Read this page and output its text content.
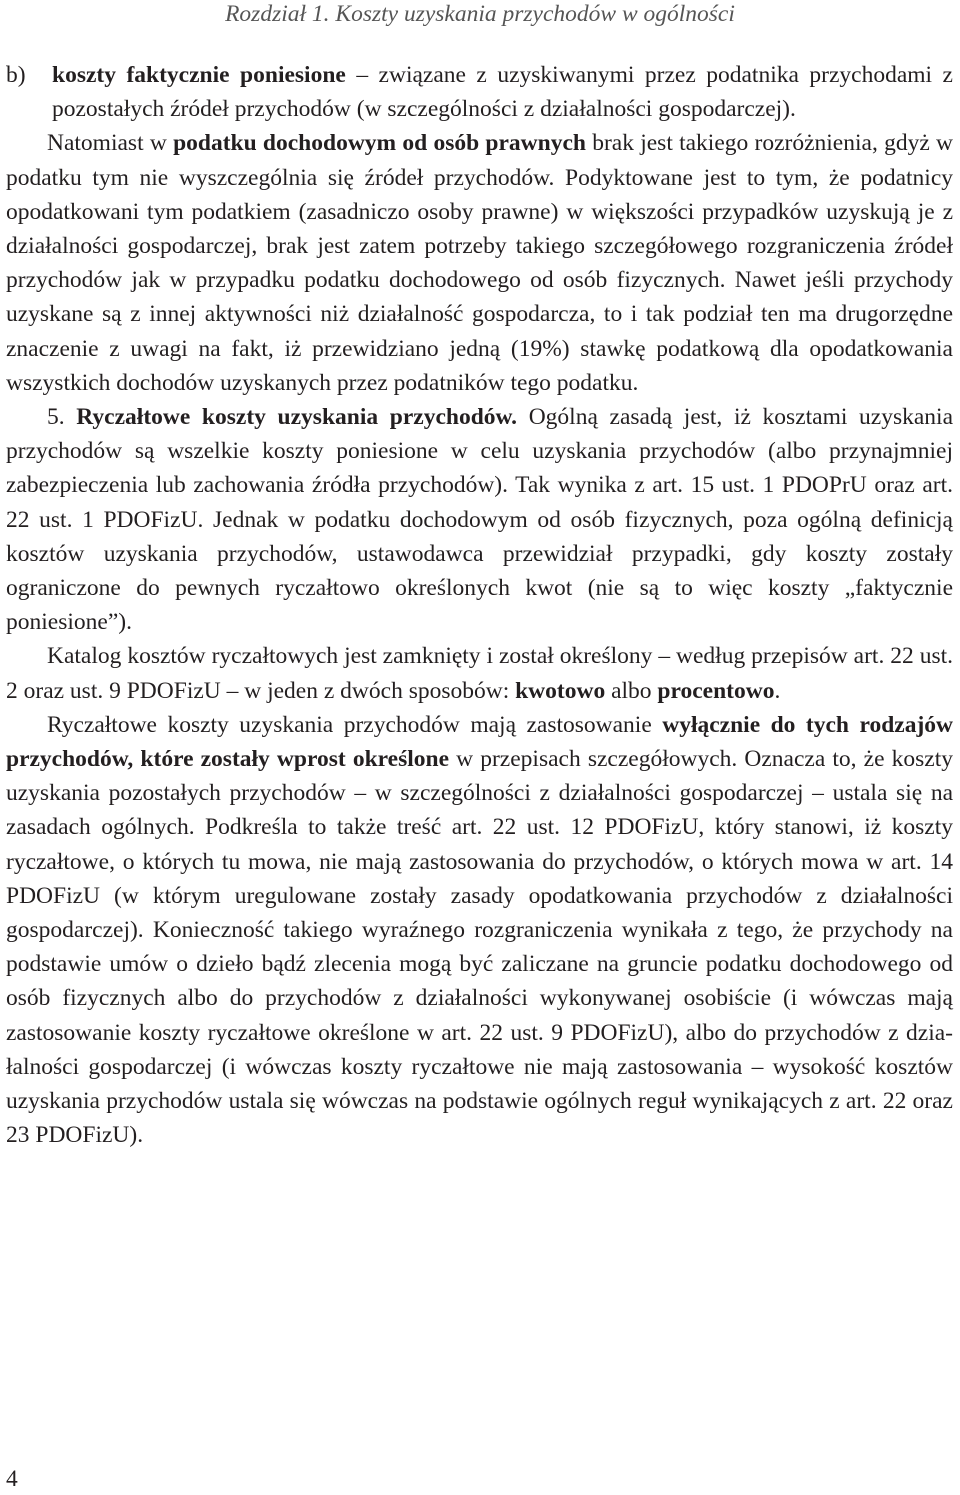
Rozdział 1. Koszty uzyskania przychodów w ogólności

b) koszty faktycznie poniesione – związane z uzyskiwanymi przez podatnika przychodami z pozostałych źródeł przychodów (w szczególności z działalności gospodarczej).

Natomiast w podatku dochodowym od osób prawnych brak jest takiego rozróżnienia, gdyż w podatku tym nie wyszczególnia się źródeł przychodów. Podyktowane jest to tym, że podatnicy opodatkowani tym podatkiem (zasadniczo osoby prawne) w większości przypadków uzyskują je z działalności gospodarczej, brak jest zatem potrzeby takiego szczegółowego rozgraniczenia źródeł przychodów jak w przypadku podatku dochodowego od osób fizycznych. Nawet jeśli przychody uzyskane są z innej aktywności niż działalność gospodarcza, to i tak podział ten ma drugorzędne znaczenie z uwagi na fakt, iż przewidziano jedną (19%) stawkę podatkową dla opodatkowania wszystkich dochodów uzyskanych przez podatników tego podatku.

5. Ryczałtowe koszty uzyskania przychodów. Ogólną zasadą jest, iż kosztami uzyskania przychodów są wszelkie koszty poniesione w celu uzyskania przychodów (albo przynajmniej zabezpieczenia lub zachowania źródła przychodów). Tak wynika z art. 15 ust. 1 PDOPrU oraz art. 22 ust. 1 PDOFizU. Jednak w podatku dochodowym od osób fizycznych, poza ogólną definicją kosztów uzyskania przychodów, ustawodawca przewidział przypadki, gdy koszty zostały ograniczone do pewnych ryczałtowo określonych kwot (nie są to więc koszty „faktycznie poniesione”).

Katalog kosztów ryczałtowych jest zamknięty i został określony – według przepisów art. 22 ust. 2 oraz ust. 9 PDOFizU – w jeden z dwóch sposobów: kwotowo albo procentowo.

Ryczałtowe koszty uzyskania przychodów mają zastosowanie wyłącznie do tych rodzajów przychodów, które zostały wprost określone w przepisach szczegółowych. Oznacza to, że koszty uzyskania pozostałych przychodów – w szczególności z działalności gospodarczej – ustala się na zasadach ogólnych. Podkreśla to także treść art. 22 ust. 12 PDOFizU, który stanowi, iż koszty ryczałtowe, o których tu mowa, nie mają zastosowania do przychodów, o których mowa w art. 14 PDOFizU (w którym uregulowane zostały zasady opodatkowania przychodów z działalności gospodarczej). Konieczność takiego wyraźnego rozgraniczenia wynikała z tego, że przychody na podstawie umów o dzieło bądź zlecenia mogą być zaliczane na gruncie podatku dochodowego od osób fizycznych albo do przychodów z działalności wykonywanej osobiście (i wówczas mają zastosowanie koszty ryczałtowe określone w art. 22 ust. 9 PDOFizU), albo do przychodów z działalności gospodarczej (i wówczas koszty ryczałtowe nie mają zastosowania – wysokość kosztów uzyskania przychodów ustala się wówczas na podstawie ogólnych reguł wynikających z art. 22 oraz 23 PDOFizU).

4
